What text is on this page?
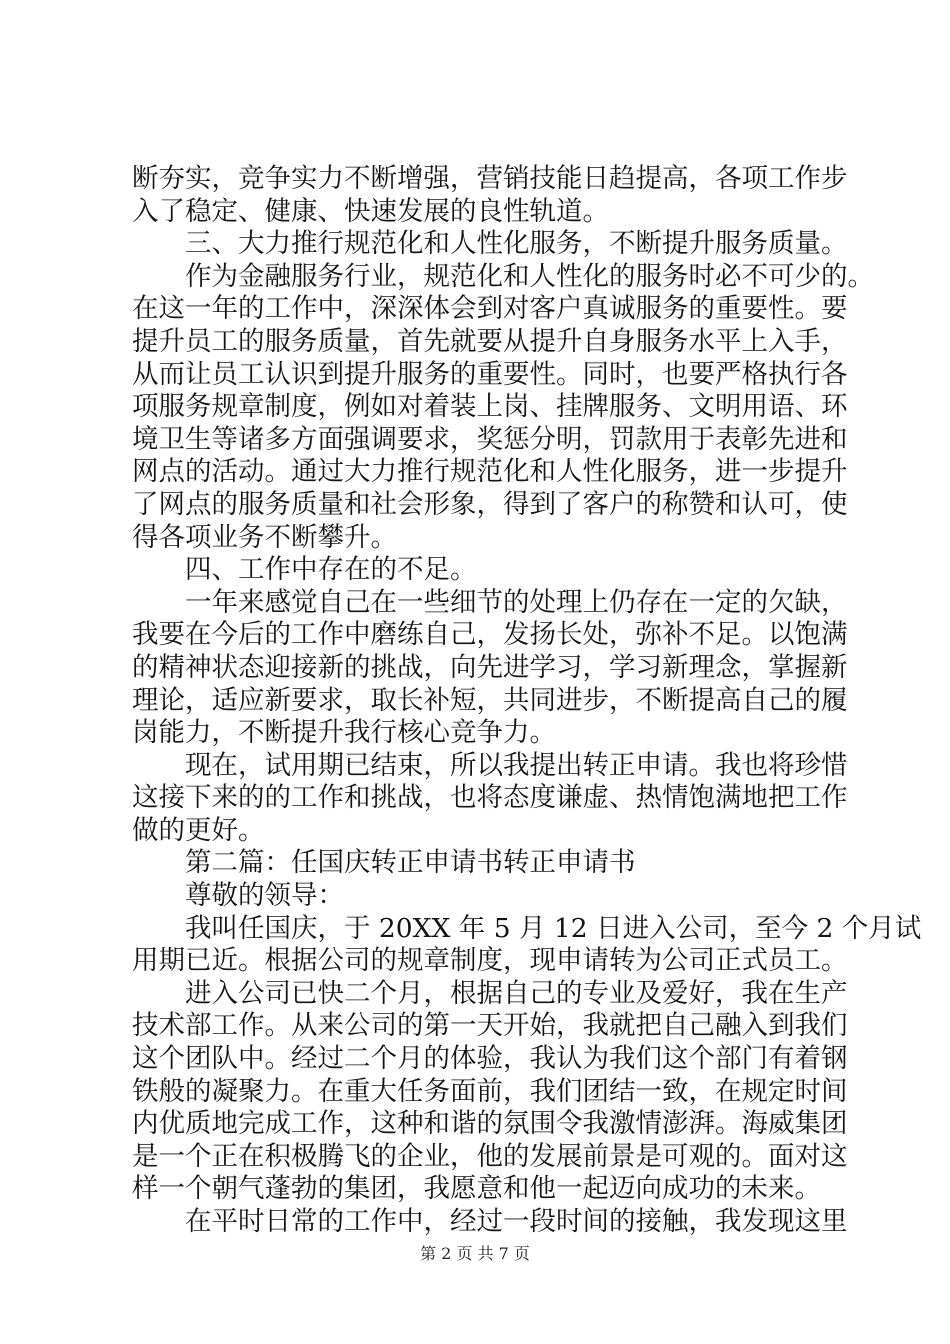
断夯实，竞争实力不断增强，营销技能日趋提高，各项工作步
入了稳定、健康、快速发展的良性轨道。
三、大力推行规范化和人性化服务，不断提升服务质量。
作为金融服务行业，规范化和人性化的服务时必不可少的。
在这一年的工作中，深深体会到对客户真诚服务的重要性。要
提升员工的服务质量，首先就要从提升自身服务水平上入手，
从而让员工认识到提升服务的重要性。同时，也要严格执行各
项服务规章制度，例如对着装上岗、挂牌服务、文明用语、环
境卫生等诸多方面强调要求，奖惩分明，罚款用于表彰先进和
网点的活动。通过大力推行规范化和人性化服务，进一步提升
了网点的服务质量和社会形象，得到了客户的称赞和认可，使
得各项业务不断攀升。
四、工作中存在的不足。
一年来感觉自己在一些细节的处理上仍存在一定的欠缺，
我要在今后的工作中磨练自己，发扬长处，弥补不足。以饱满
的精神状态迎接新的挑战，向先进学习，学习新理念，掌握新
理论，适应新要求，取长补短，共同进步，不断提高自己的履
岗能力，不断提升我行核心竞争力。
现在，试用期已结束，所以我提出转正申请。我也将珍惜
这接下来的的工作和挑战，也将态度谦虚、热情饱满地把工作
做的更好。
第二篇：任国庆转正申请书转正申请书
尊敬的领导：
我叫任国庆，于 20XX 年 5 月 12 日进入公司，至今 2 个月试
用期已近。根据公司的规章制度，现申请转为公司正式员工。
进入公司已快二个月，根据自己的专业及爱好，我在生产
技术部工作。从来公司的第一天开始，我就把自己融入到我们
这个团队中。经过二个月的体验，我认为我们这个部门有着钢
铁般的凝聚力。在重大任务面前，我们团结一致，在规定时间
内优质地完成工作，这种和谐的氛围令我激情澎湃。海威集团
是一个正在积极腾飞的企业，他的发展前景是可观的。面对这
样一个朝气蓬勃的集团，我愿意和他一起迈向成功的未来。
在平时日常的工作中，经过一段时间的接触，我发现这里
第 2 页 共 7 页
